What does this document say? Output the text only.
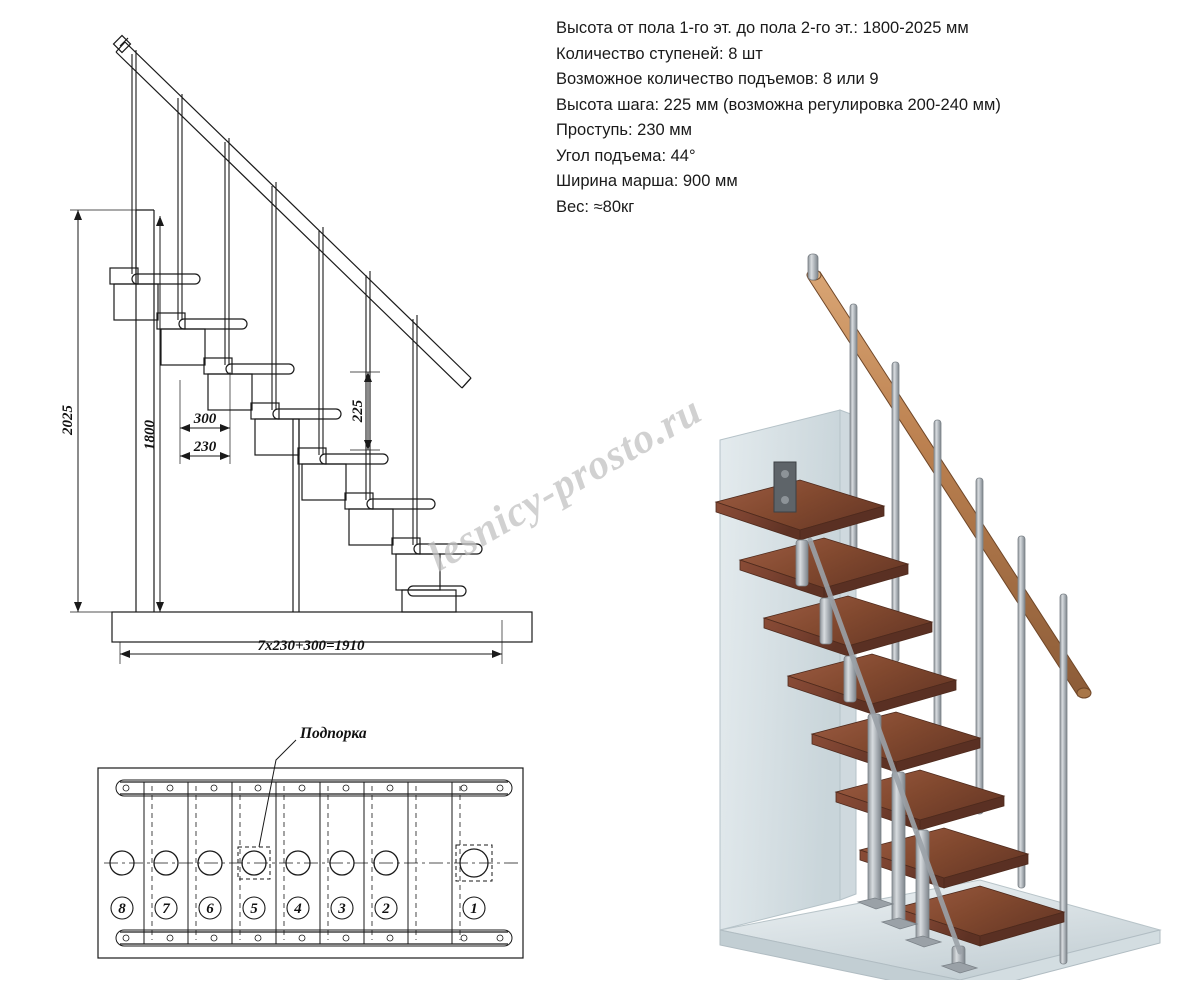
Высота от пола 1-го эт. до пола 2-го эт.: 1800-2025 мм
Количество ступеней: 8 шт
Возможное количество подъемов: 8 или 9
Высота шага: 225 мм (возможна регулировка 200-240 мм)
Проступь: 230 мм
Угол подъема: 44°
Ширина марша: 900 мм
Вес: ≈80кг
2025	1800
300
230
225
7x230+300=1910
Подпорка
8 7 6 5 4 3 2	1
lesnicy-prosto.ru
